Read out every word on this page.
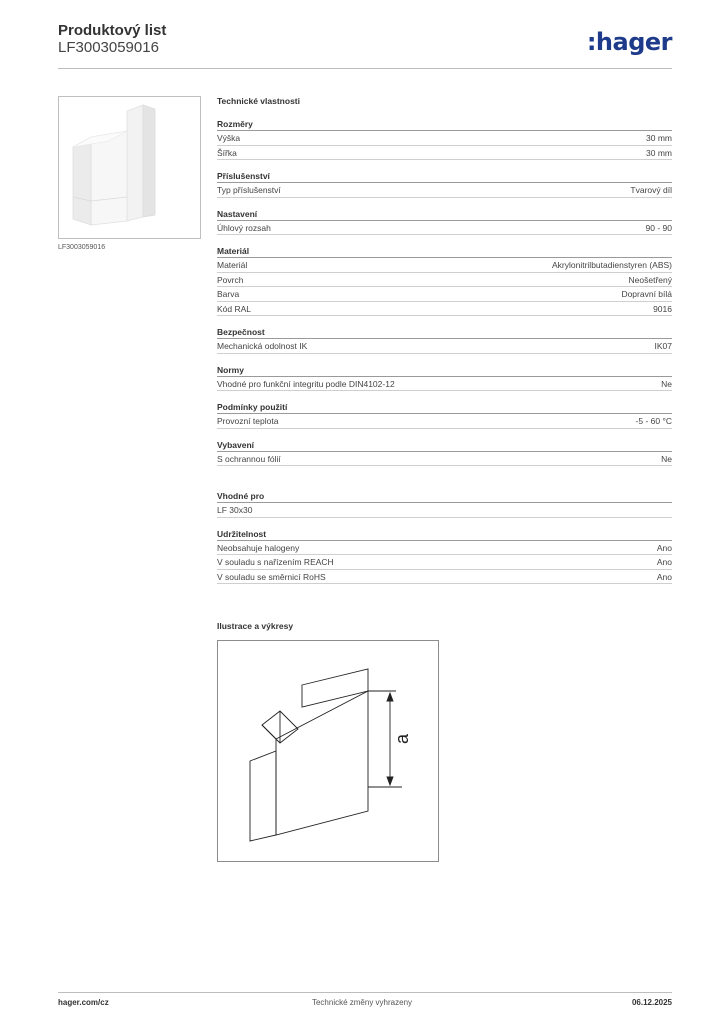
Produktový list
LF3003059016	:hager
LF3003059016
Technické vlastnosti
Rozměry
Výška	30 mm
Šířka	30 mm
Příslušenství
Typ příslušenství	Tvarový díl
Nastavení
Úhlový rozsah	90 - 90
Materiál
Materiál	Akrylonitrilbutadienstyren (ABS)
Povrch	Neošetřený
Barva	Dopravní bílá
Kód RAL	9016
Bezpečnost
Mechanická odolnost IK	IK07
Normy
Vhodné pro funkční integritu podle DIN4102-12	Ne
Podmínky použití
Provozní teplota	-5 - 60 °C
Vybavení
S ochrannou fólií	Ne
Vhodné pro
LF 30x30
Udržitelnost
Neobsahuje halogeny	Ano
V souladu s nařízením REACH	Ano
V souladu se směrnicí RoHS	Ano
Ilustrace a výkresy
a
hager.com/cz	Technické změny vyhrazeny	06.12.2025
